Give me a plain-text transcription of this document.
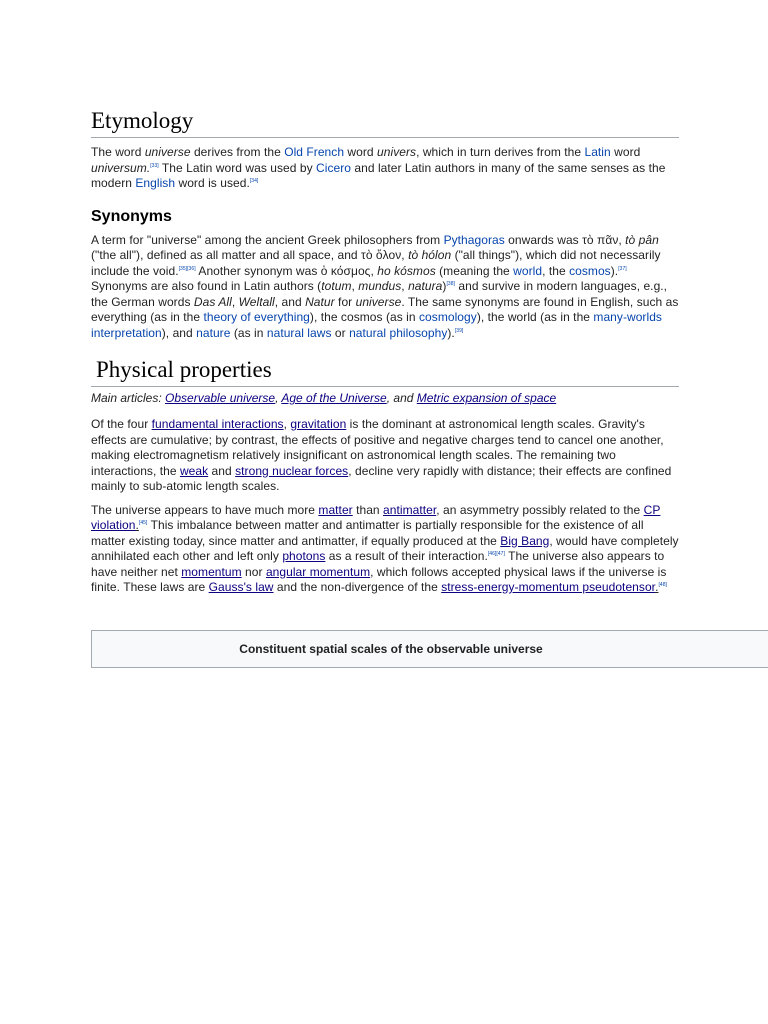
Etymology

The word universe derives from the Old French word univers, which in turn derives from the Latin word universum.[33] The Latin word was used by Cicero and later Latin authors in many of the same senses as the modern English word is used.[34]

Synonyms

A term for "universe" among the ancient Greek philosophers from Pythagoras onwards was τὸ πᾶν, tò pân ("the all"), defined as all matter and all space, and τὸ ὅλον, tò hólon ("all things"), which did not necessarily include the void.[35][36] Another synonym was ὁ κόσμος, ho kósmos (meaning the world, the cosmos).[37] Synonyms are also found in Latin authors (totum, mundus, natura)[38] and survive in modern languages, e.g., the German words Das All, Weltall, and Natur for universe. The same synonyms are found in English, such as everything (as in the theory of everything), the cosmos (as in cosmology), the world (as in the many-worlds interpretation), and nature (as in natural laws or natural philosophy).[39]

Physical properties
Main articles: Observable universe, Age of the Universe, and Metric expansion of space

Of the four fundamental interactions, gravitation is the dominant at astronomical length scales. Gravity's effects are cumulative; by contrast, the effects of positive and negative charges tend to cancel one another, making electromagnetism relatively insignificant on astronomical length scales. The remaining two interactions, the weak and strong nuclear forces, decline very rapidly with distance; their effects are confined mainly to sub-atomic length scales.

The universe appears to have much more matter than antimatter, an asymmetry possibly related to the CP violation.[45] This imbalance between matter and antimatter is partially responsible for the existence of all matter existing today, since matter and antimatter, if equally produced at the Big Bang, would have completely annihilated each other and left only photons as a result of their interaction.[46][47] The universe also appears to have neither net momentum nor angular momentum, which follows accepted physical laws if the universe is finite. These laws are Gauss's law and the non-divergence of the stress-energy-momentum pseudotensor.[48]

Constituent spatial scales of the observable universe
